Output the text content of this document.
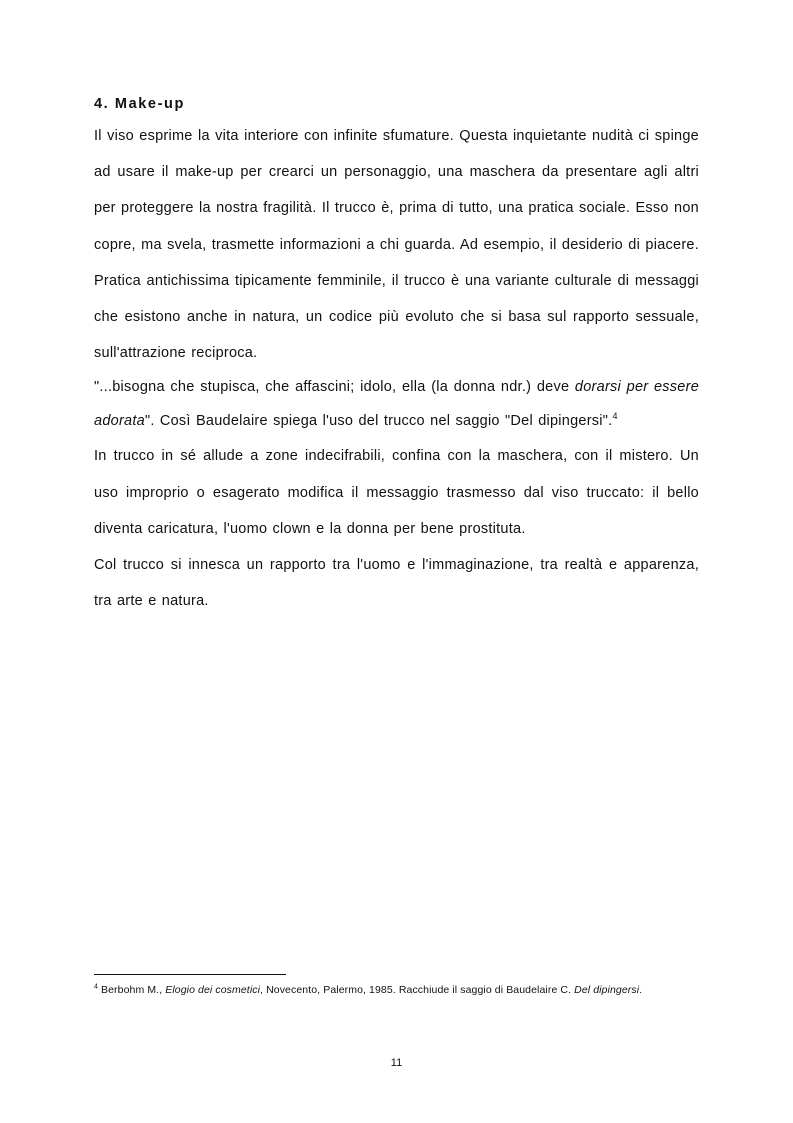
4. Make-up

Il viso esprime la vita interiore con infinite sfumature. Questa inquietante nudità ci spinge ad usare il make-up per crearci un personaggio, una maschera da presentare agli altri per proteggere la nostra fragilità. Il trucco è, prima di tutto, una pratica sociale. Esso non copre, ma svela, trasmette informazioni a chi guarda. Ad esempio, il desiderio di piacere. Pratica antichissima tipicamente femminile, il trucco è una variante culturale di messaggi che esistono anche in natura, un codice più evoluto che si basa sul rapporto sessuale, sull'attrazione reciproca.

"...bisogna che stupisca, che affascini; idolo, ella (la donna ndr.) deve dorarsi per essere adorata". Così Baudelaire spiega l'uso del trucco nel saggio "Del dipingersi".$^4$

In trucco in sé allude a zone indecifrabili, confina con la maschera, con il mistero. Un uso improprio o esagerato modifica il messaggio trasmesso dal viso truccato: il bello diventa caricatura, l'uomo clown e la donna per bene prostituta.

Col trucco si innesca un rapporto tra l'uomo e l'immaginazione, tra realtà e apparenza, tra arte e natura.

$^4$ Berbohm M., Elogio dei cosmetici, Novecento, Palermo, 1985. Racchiude il saggio di Baudelaire C. Del dipingersi.
11
